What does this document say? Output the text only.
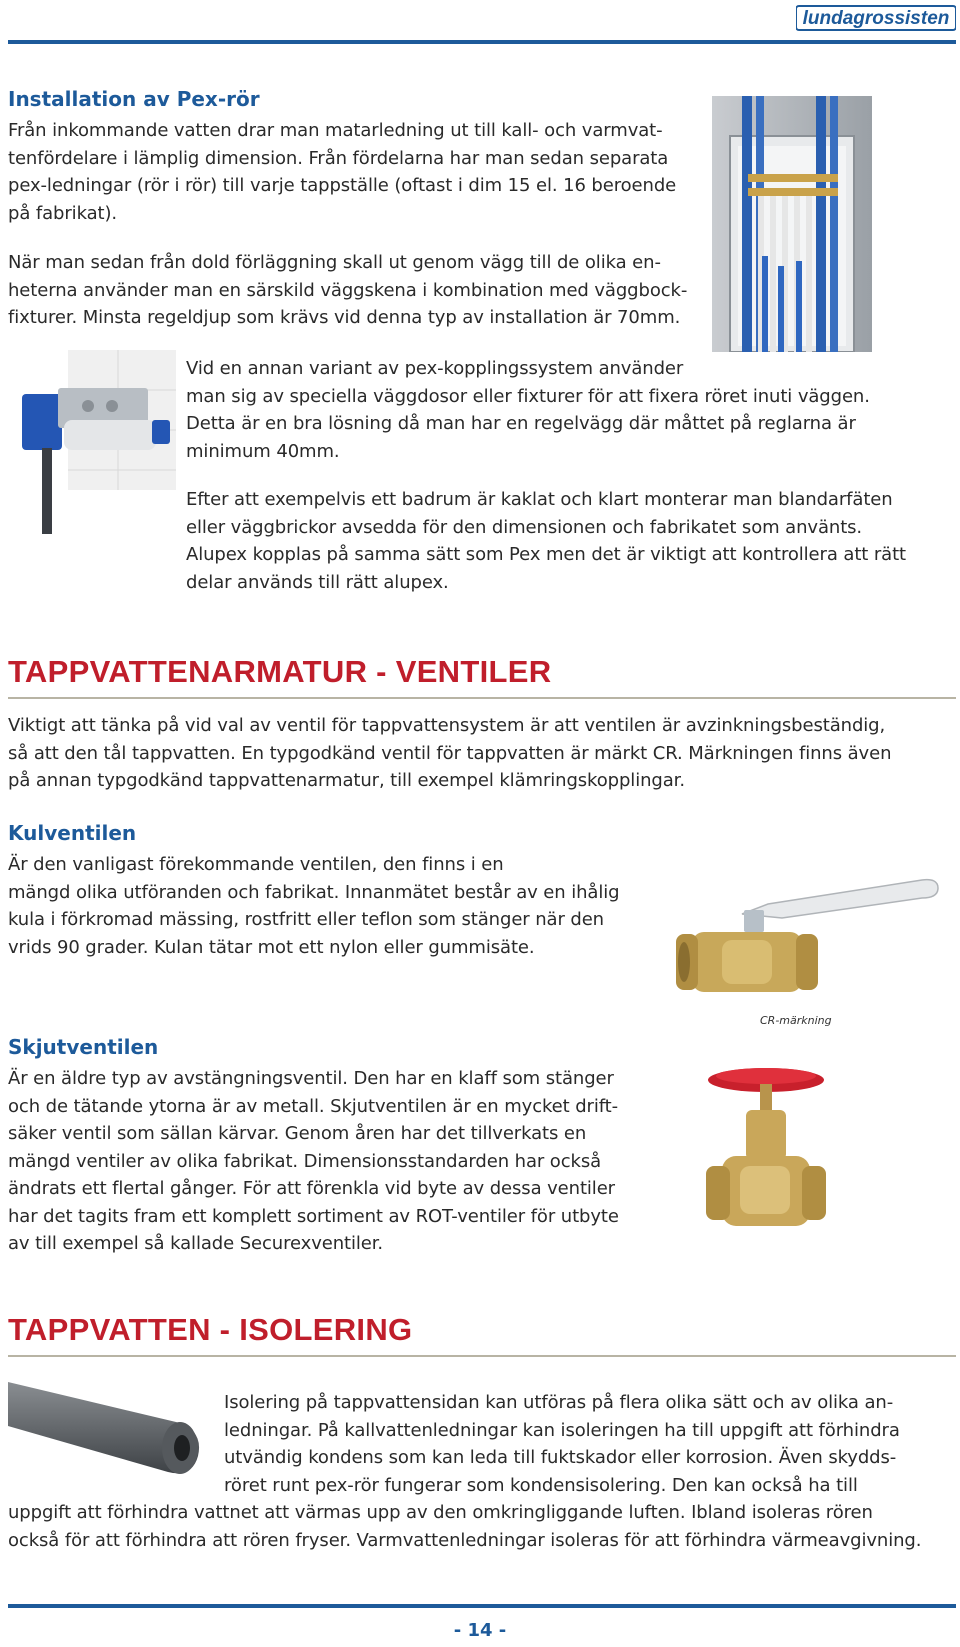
lundagrossisten
Installation av Pex-rör
Från inkommande vatten drar man matarledning ut till kall- och varmvat-
tenfördelare i lämplig dimension. Från fördelarna har man sedan separata
pex-ledningar (rör i rör) till varje tappställe (oftast i dim 15 el. 16 beroende
på fabrikat).
När man sedan från dold förläggning skall ut genom vägg till de olika en-
heterna använder man en särskild väggskena i kombination med väggbock-
fixturer. Minsta regeldjup som krävs vid denna typ av installation är 70mm.
Vid en annan variant av pex-kopplingssystem använder
man sig av speciella väggdosor eller fixturer för att fixera röret inuti väggen.
Detta är en bra lösning då man har en regelvägg där måttet på reglarna är
minimum 40mm.
Efter att exempelvis ett badrum är kaklat och klart monterar man blandarfäten
eller väggbrickor avsedda för den dimensionen och fabrikatet som använts.
Alupex kopplas på samma sätt som Pex men det är viktigt att kontrollera att rätt
delar används till rätt alupex.
TAPPVATTENARMATUR - VENTILER
Viktigt att tänka på vid val av ventil för tappvattensystem är att ventilen är avzinkningsbeständig,
så att den tål tappvatten. En typgodkänd ventil för tappvatten är märkt CR. Märkningen finns även
på annan typgodkänd tappvattenarmatur, till exempel klämringskopplingar.
Kulventilen
Är den vanligast förekommande ventilen, den finns i en
mängd olika utföranden och fabrikat. Innanmätet består av en ihålig
kula i förkromad mässing, rostfritt eller teflon som stänger när den
vrids 90 grader. Kulan tätar mot ett nylon eller gummisäte.
CR-märkning
Skjutventilen
Är en äldre typ av avstängningsventil. Den har en klaff som stänger
och de tätande ytorna är av metall. Skjutventilen är en mycket drift-
säker ventil som sällan kärvar. Genom åren har det tillverkats en
mängd ventiler av olika fabrikat. Dimensionsstandarden har också
ändrats ett flertal gånger. För att förenkla vid byte av dessa ventiler
har det tagits fram ett komplett sortiment av ROT-ventiler för utbyte
av till exempel så kallade Securexventiler.
TAPPVATTEN - ISOLERING
Isolering på tappvattensidan kan utföras på flera olika sätt och av olika an-
ledningar. På kallvattenledningar kan isoleringen ha till uppgift att förhindra
utvändig kondens som kan leda till fuktskador eller korrosion. Även skydds-
röret runt pex-rör fungerar som kondensisolering. Den kan också ha till
uppgift att förhindra vattnet att värmas upp av den omkringliggande luften. Ibland isoleras rören
också för att förhindra att rören fryser. Varmvattenledningar isoleras för att förhindra värmeavgivning.
- 14 -
